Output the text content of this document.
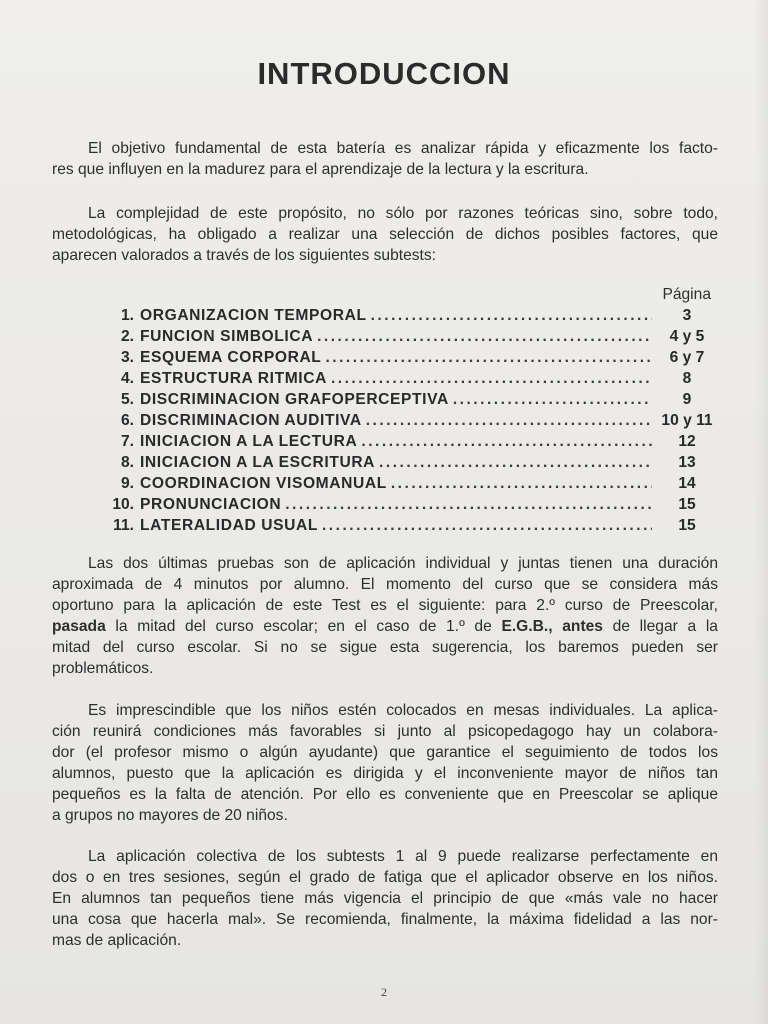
INTRODUCCION
El objetivo fundamental de esta batería es analizar rápida y eficazmente los facto-
res que influyen en la madurez para el aprendizaje de la lectura y la escritura.
La complejidad de este propósito, no sólo por razones teóricas sino, sobre todo,
metodológicas, ha obligado a realizar una selección de dichos posibles factores, que
aparecen valorados a través de los siguientes subtests:
Página
1. ORGANIZACION TEMPORAL .....	3
2. FUNCION SIMBOLICA .....	4 y 5
3. ESQUEMA CORPORAL .....	6 y 7
4. ESTRUCTURA RITMICA .....	8
5. DISCRIMINACION GRAFOPERCEPTIVA .....	9
6. DISCRIMINACION AUDITIVA .....	10 y 11
7. INICIACION A LA LECTURA .....	12
8. INICIACION A LA ESCRITURA .....	13
9. COORDINACION VISOMANUAL .....	14
10. PRONUNCIACION .....	15
11. LATERALIDAD USUAL .....	15
Las dos últimas pruebas son de aplicación individual y juntas tienen una duración
aproximada de 4 minutos por alumno. El momento del curso que se considera más
oportuno para la aplicación de este Test es el siguiente: para 2.º curso de Preescolar,
pasada la mitad del curso escolar; en el caso de 1.º de E.G.B., antes de llegar a la
mitad del curso escolar. Si no se sigue esta sugerencia, los baremos pueden ser
problemáticos.
Es imprescindible que los niños estén colocados en mesas individuales. La aplica-
ción reunirá condiciones más favorables si junto al psicopedagogo hay un colabora-
dor (el profesor mismo o algún ayudante) que garantice el seguimiento de todos los
alumnos, puesto que la aplicación es dirigida y el inconveniente mayor de niños tan
pequeños es la falta de atención. Por ello es conveniente que en Preescolar se aplique
a grupos no mayores de 20 niños.
La aplicación colectiva de los subtests 1 al 9 puede realizarse perfectamente en
dos o en tres sesiones, según el grado de fatiga que el aplicador observe en los niños.
En alumnos tan pequeños tiene más vigencia el principio de que «más vale no hacer
una cosa que hacerla mal». Se recomienda, finalmente, la máxima fidelidad a las nor-
mas de aplicación.
2
